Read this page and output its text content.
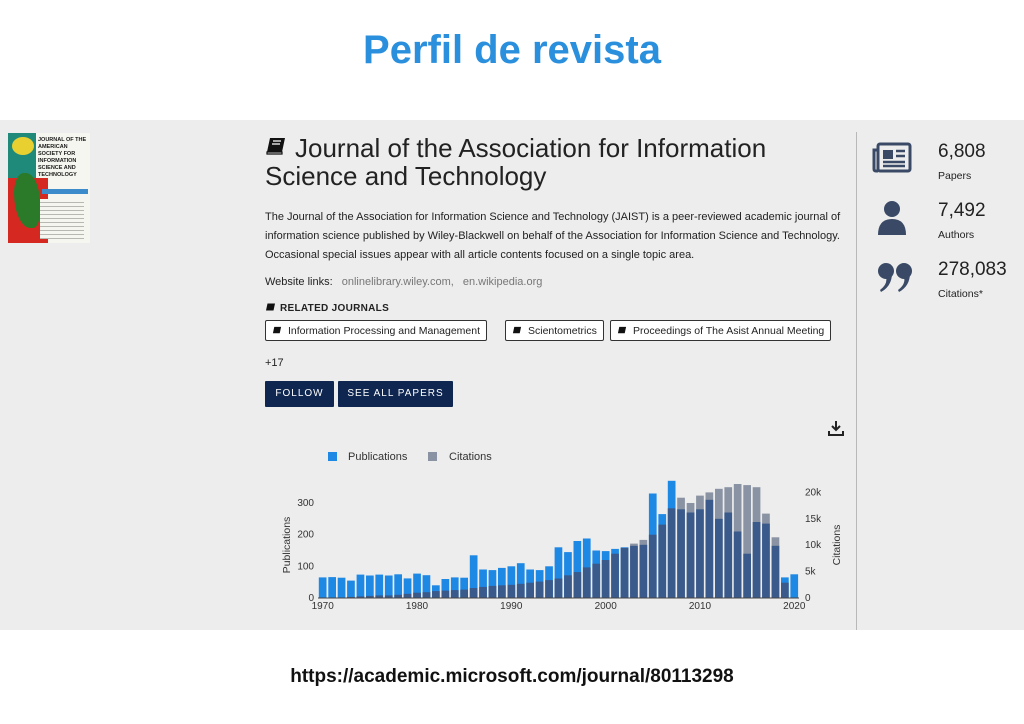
Perfil de revista
JOURNAL OF THE AMERICAN SOCIETY FOR INFORMATION SCIENCE AND TECHNOLOGY
Journal of the Association for Information Science and Technology
The Journal of the Association for Information Science and Technology (JAIST) is a peer-reviewed academic journal of information science published by Wiley-Blackwell on behalf of the Association for Information Science and Technology. Occasional special issues appear with all article contents focused on a single topic area.
Website links: onlinelibrary.wiley.com, en.wikipedia.org
RELATED JOURNALS
Information Processing and Management	Scientometrics	Proceedings of The Asist Annual Meeting
+17
FOLLOW	SEE ALL PAPERS
Publications	Citations
1970	1980	1990	2000	2010	2020
0
100
200
300
0
5k
10k
15k
20k
Publications	Citations
6,808
Papers
7,492
Authors
278,083
Citations*
https://academic.microsoft.com/journal/80113298
